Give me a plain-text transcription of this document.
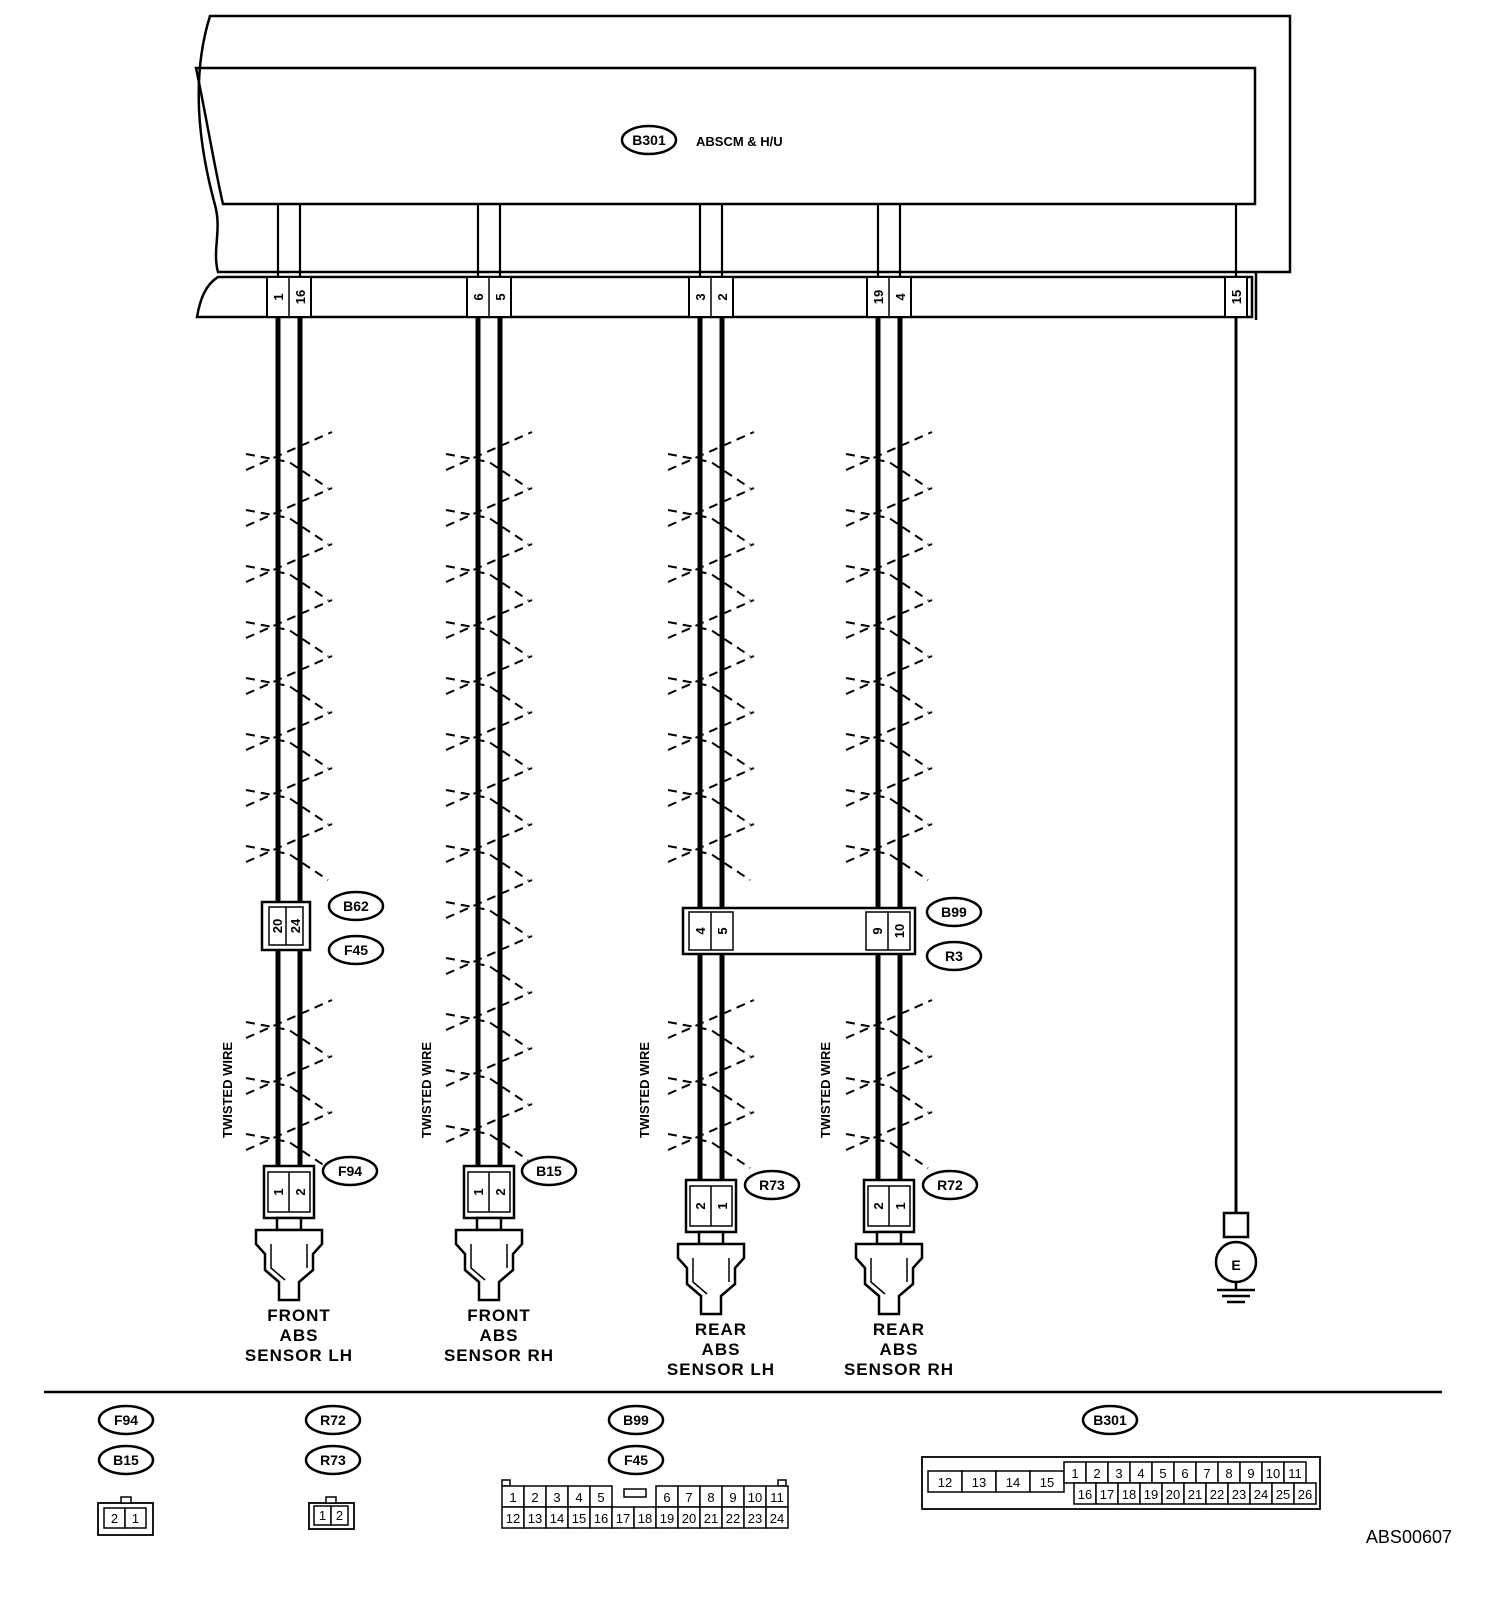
B301 ABSCM & H/U
1 16	6 5	3 2	19 4	15
TWISTED WIRE	TWISTED WIRE	TWISTED WIRE	TWISTED WIRE
20 24
B62
F45
4 5	9 10
B99
R3
1 2
F94
FRONT
ABS
SENSOR LH
1 2
B15
FRONT
ABS
SENSOR RH
2 1
R73
REAR
ABS
SENSOR LH
2 1
R72
REAR
ABS
SENSOR RH
E
F94
B15
2 1
R72
R73
1 2
B99
F45
1 2 3 4 5	6 7 8 9 10 11
12 13 14 15 16 17 18 19 20 21 22 23 24
B301
12 13 14 15
1 2 3 4 5 6 7 8 9 10 11
16 17 18 19 20 21 22 23 24 25 26
ABS00607
